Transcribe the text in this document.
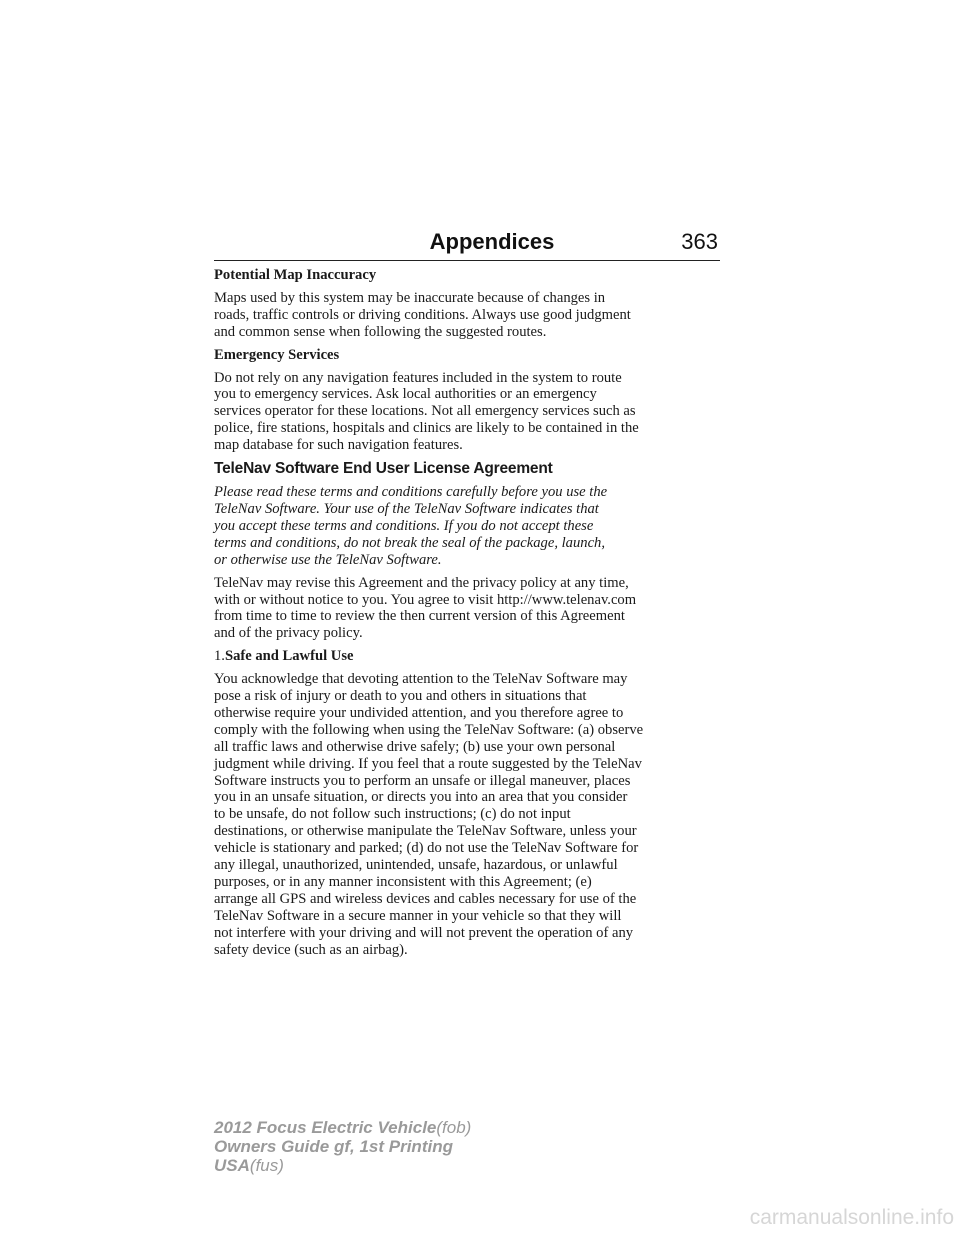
Appendices	363

Potential Map Inaccuracy

Maps used by this system may be inaccurate because of changes in
roads, traffic controls or driving conditions. Always use good judgment
and common sense when following the suggested routes.

Emergency Services

Do not rely on any navigation features included in the system to route
you to emergency services. Ask local authorities or an emergency
services operator for these locations. Not all emergency services such as
police, fire stations, hospitals and clinics are likely to be contained in the
map database for such navigation features.

TeleNav Software End User License Agreement

Please read these terms and conditions carefully before you use the
TeleNav Software. Your use of the TeleNav Software indicates that
you accept these terms and conditions. If you do not accept these
terms and conditions, do not break the seal of the package, launch,
or otherwise use the TeleNav Software.

TeleNav may revise this Agreement and the privacy policy at any time,
with or without notice to you. You agree to visit http://www.telenav.com
from time to time to review the then current version of this Agreement
and of the privacy policy.

1.Safe and Lawful Use

You acknowledge that devoting attention to the TeleNav Software may
pose a risk of injury or death to you and others in situations that
otherwise require your undivided attention, and you therefore agree to
comply with the following when using the TeleNav Software: (a) observe
all traffic laws and otherwise drive safely; (b) use your own personal
judgment while driving. If you feel that a route suggested by the TeleNav
Software instructs you to perform an unsafe or illegal maneuver, places
you in an unsafe situation, or directs you into an area that you consider
to be unsafe, do not follow such instructions; (c) do not input
destinations, or otherwise manipulate the TeleNav Software, unless your
vehicle is stationary and parked; (d) do not use the TeleNav Software for
any illegal, unauthorized, unintended, unsafe, hazardous, or unlawful
purposes, or in any manner inconsistent with this Agreement; (e)
arrange all GPS and wireless devices and cables necessary for use of the
TeleNav Software in a secure manner in your vehicle so that they will
not interfere with your driving and will not prevent the operation of any
safety device (such as an airbag).

2012 Focus Electric Vehicle(fob)
Owners Guide gf, 1st Printing
USA(fus)
carmanualsonline.info
